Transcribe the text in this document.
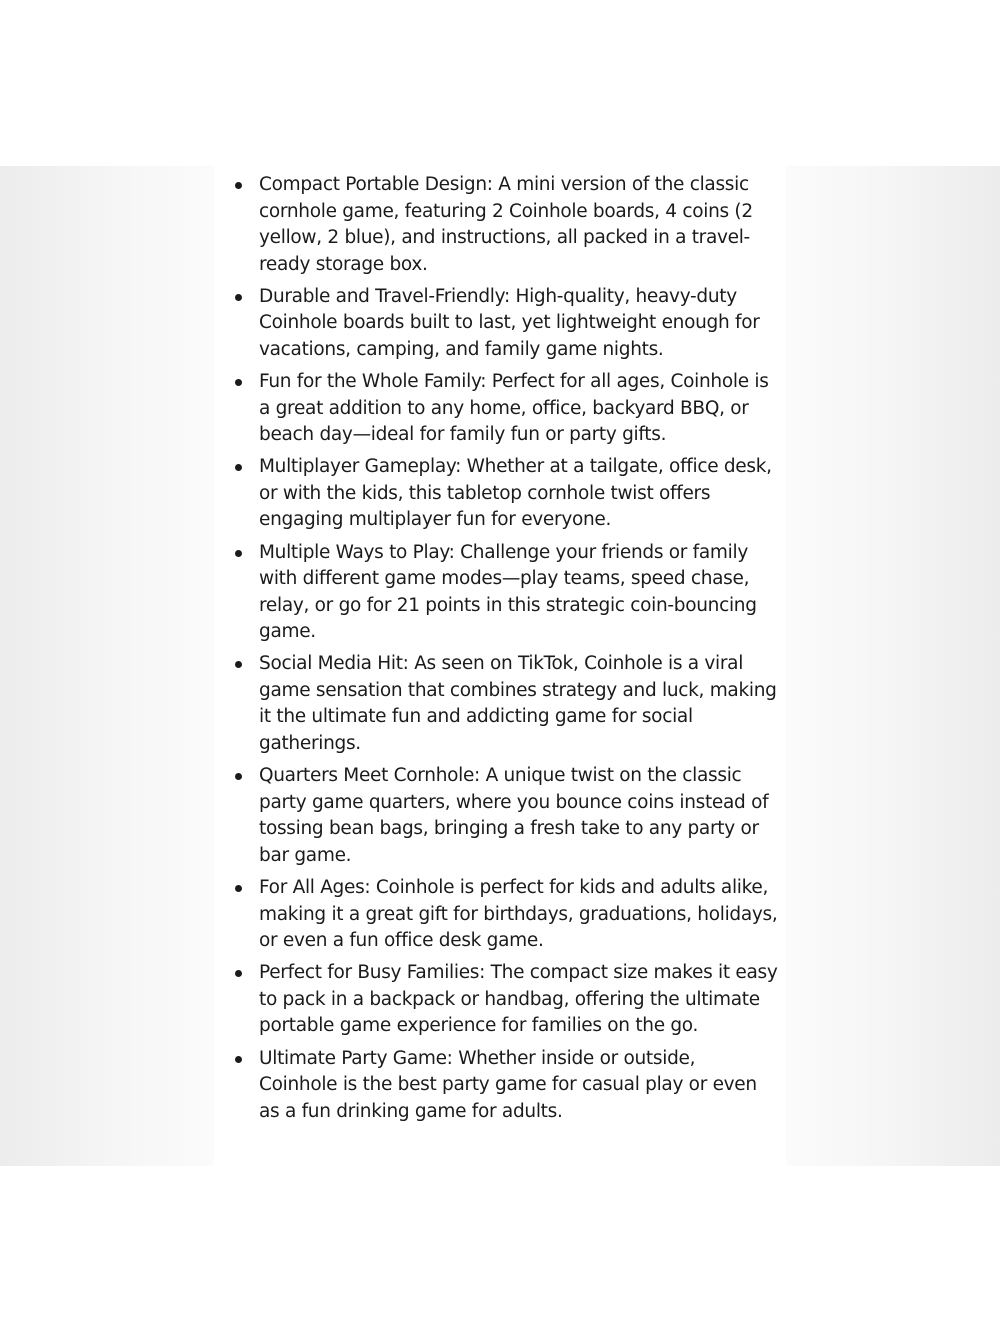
Compact Portable Design: A mini version of the classic cornhole game, featuring 2 Coinhole boards, 4 coins (2 yellow, 2 blue), and instructions, all packed in a travel-ready storage box.
Durable and Travel-Friendly: High-quality, heavy-duty Coinhole boards built to last, yet lightweight enough for vacations, camping, and family game nights.
Fun for the Whole Family: Perfect for all ages, Coinhole is a great addition to any home, office, backyard BBQ, or beach day—ideal for family fun or party gifts.
Multiplayer Gameplay: Whether at a tailgate, office desk, or with the kids, this tabletop cornhole twist offers engaging multiplayer fun for everyone.
Multiple Ways to Play: Challenge your friends or family with different game modes—play teams, speed chase, relay, or go for 21 points in this strategic coin-bouncing game.
Social Media Hit: As seen on TikTok, Coinhole is a viral game sensation that combines strategy and luck, making it the ultimate fun and addicting game for social gatherings.
Quarters Meet Cornhole: A unique twist on the classic party game quarters, where you bounce coins instead of tossing bean bags, bringing a fresh take to any party or bar game.
For All Ages: Coinhole is perfect for kids and adults alike, making it a great gift for birthdays, graduations, holidays, or even a fun office desk game.
Perfect for Busy Families: The compact size makes it easy to pack in a backpack or handbag, offering the ultimate portable game experience for families on the go.
Ultimate Party Game: Whether inside or outside, Coinhole is the best party game for casual play or even as a fun drinking game for adults.
